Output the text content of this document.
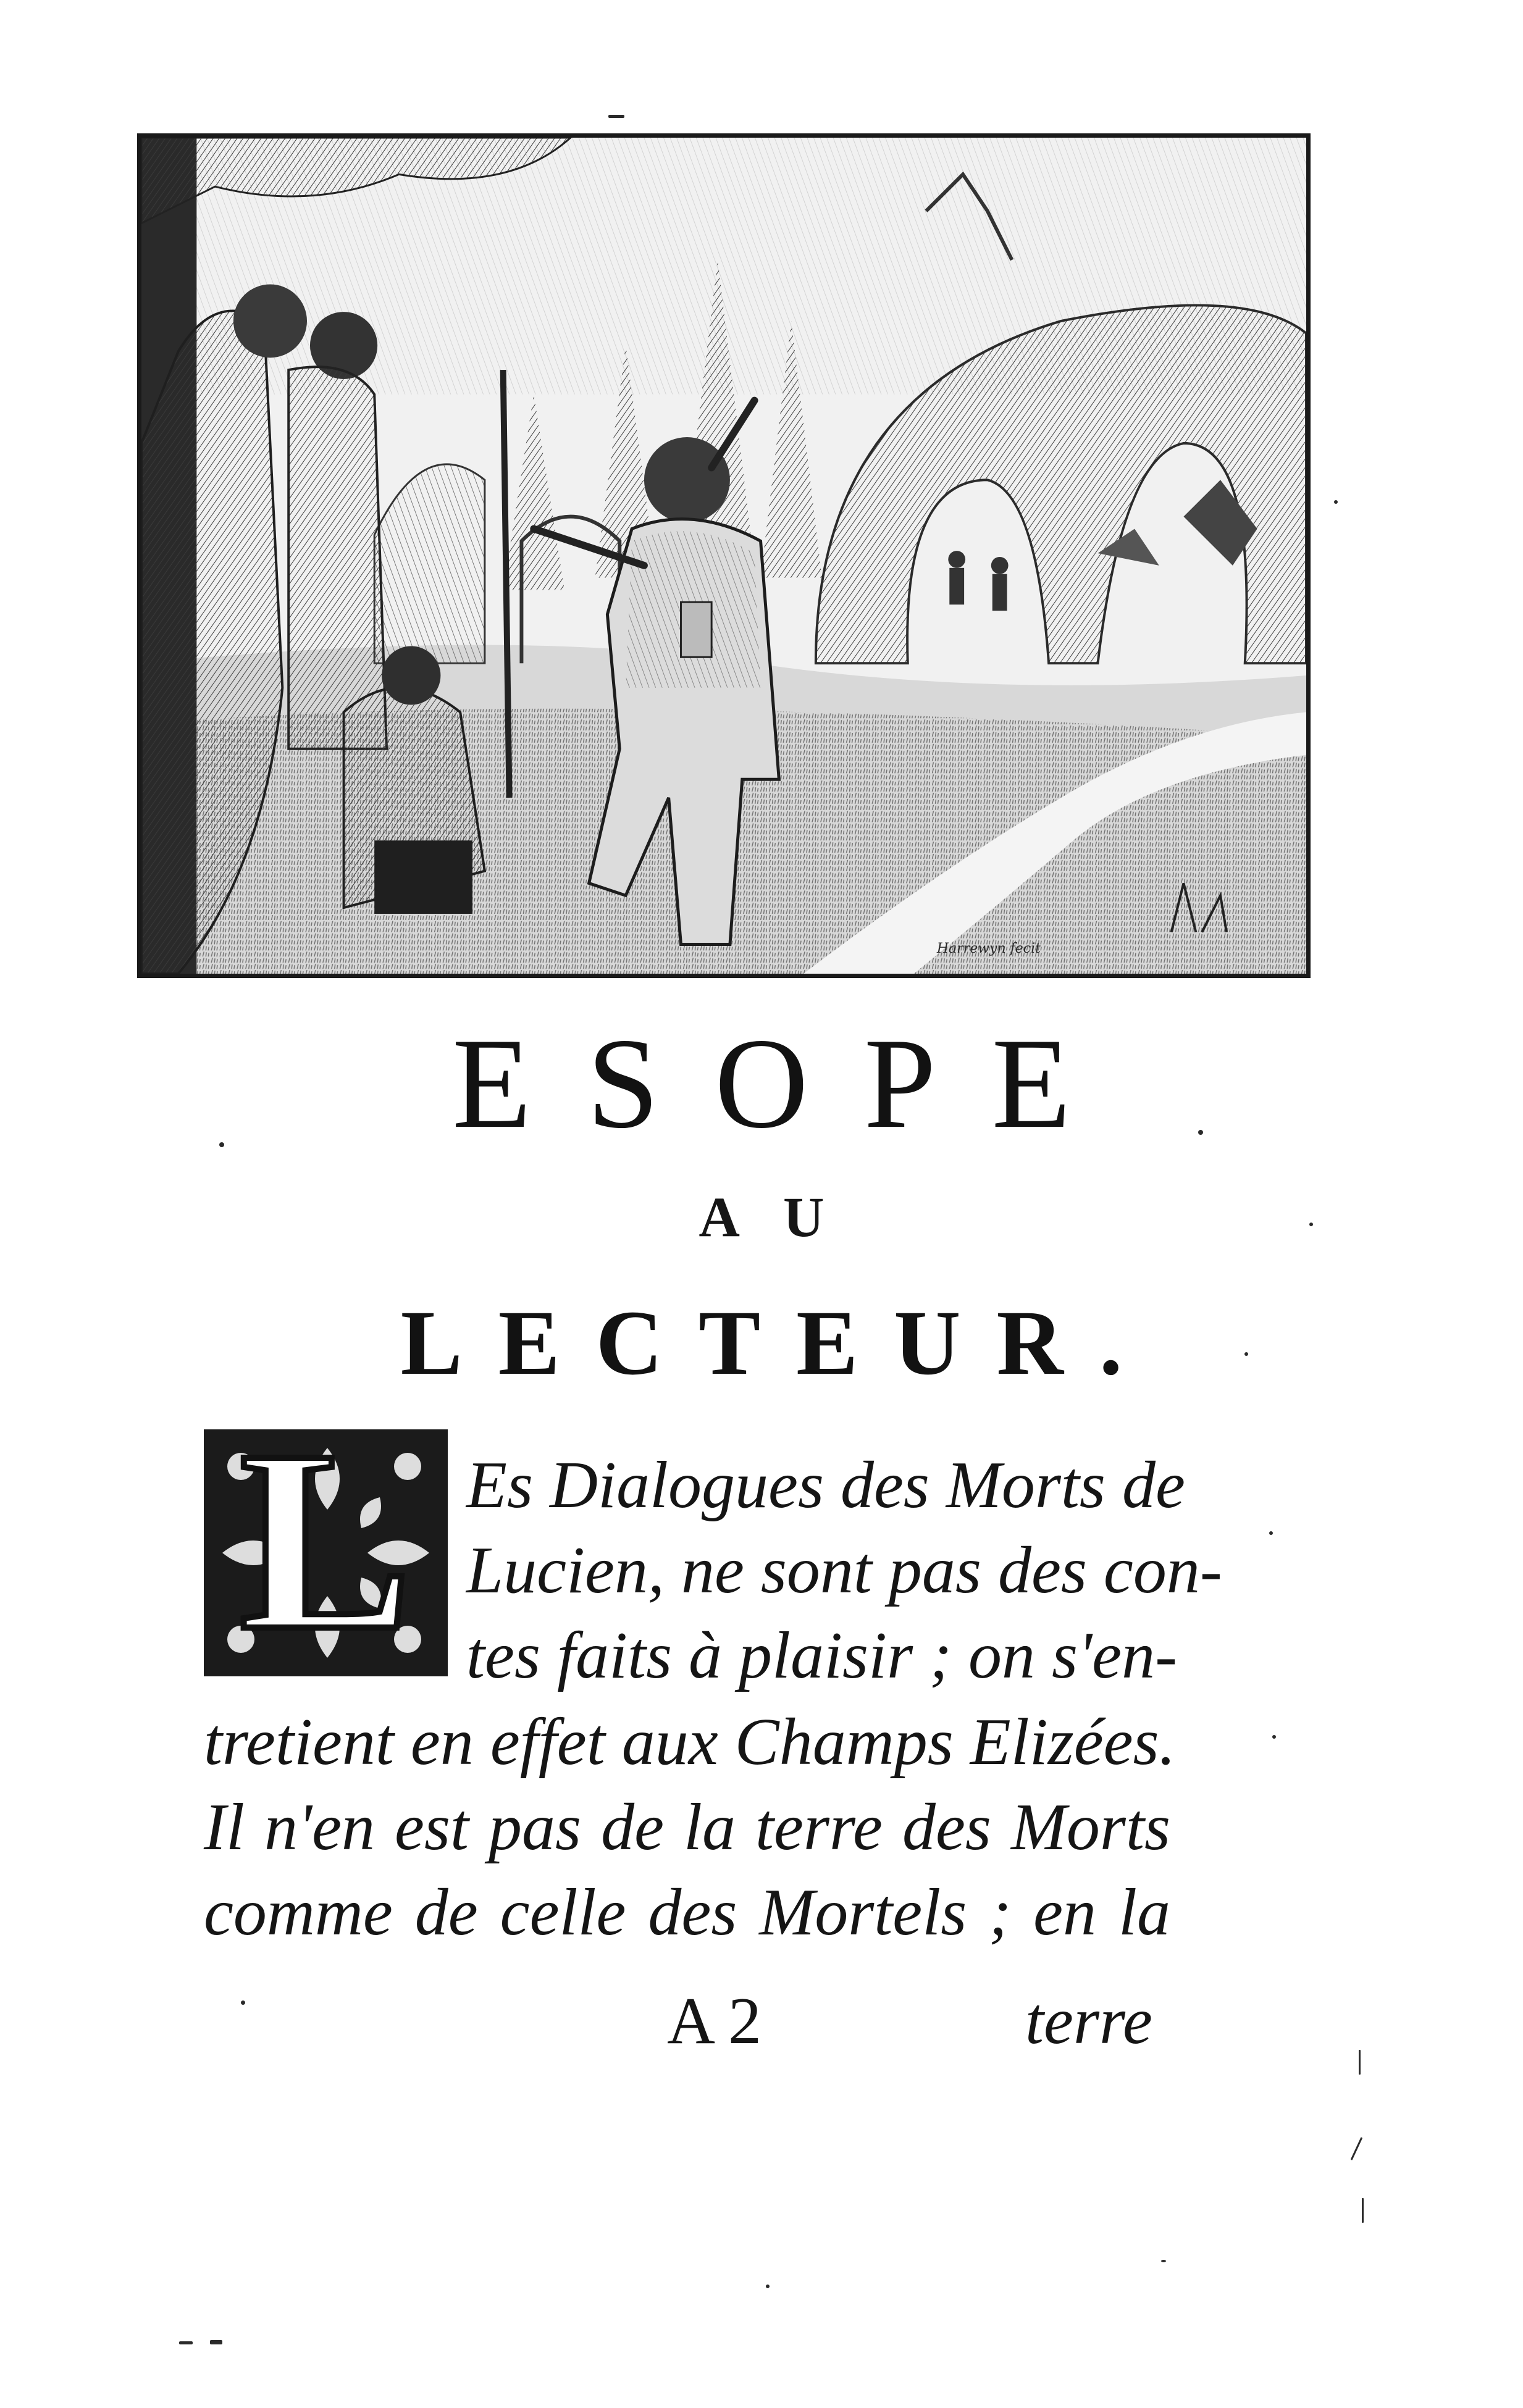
Harrewyn fecit
ESOPE
AU
LECTEUR.
L Es Dialogues des Morts de
Lucien, ne sont pas des con-
tes faits à plaisir ; on s'en-
tretient en effet aux Champs Elizées.
Il n'en est pas de la terre des Morts
comme de celle des Mortels ; en la
A 2	terre
